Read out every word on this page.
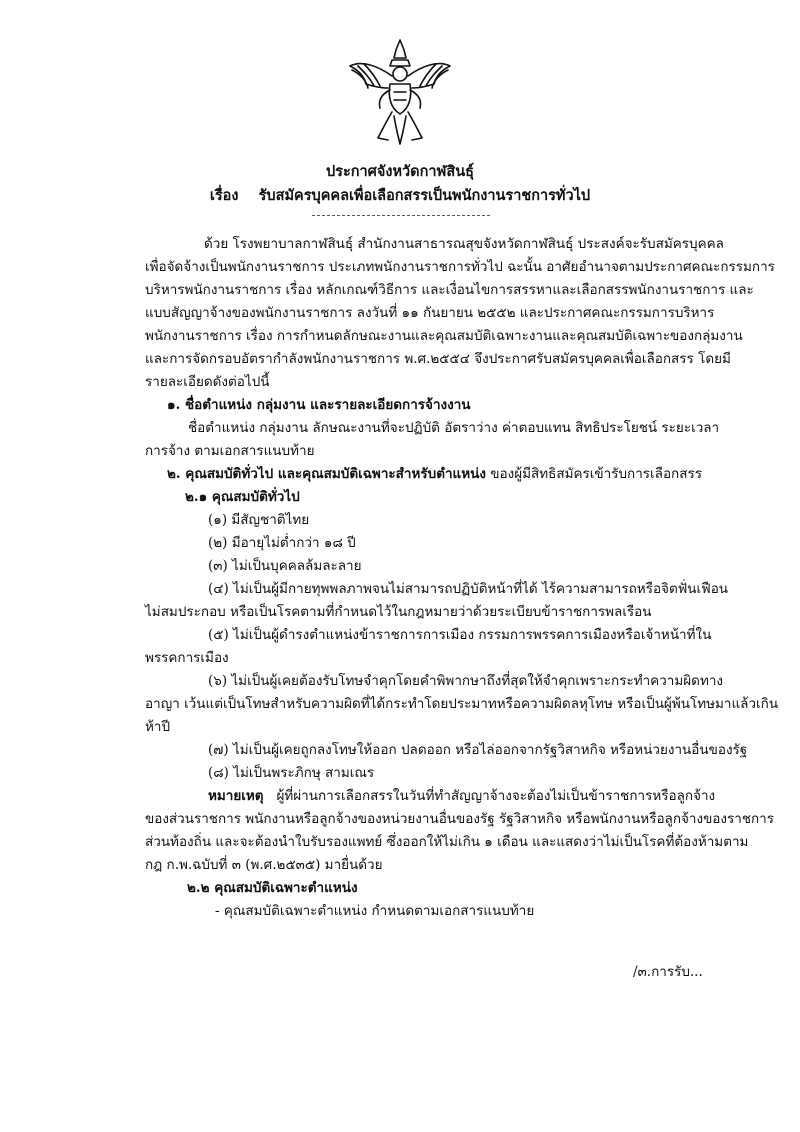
ประกาศจังหวัดกาฬสินธุ์
เรื่อง รับสมัครบุคคลเพื่อเลือกสรรเป็นพนักงานราชการทั่วไป
ด้วย โรงพยาบาลกาฬสินธุ์ สำนักงานสาธารณสุขจังหวัดกาฬสินธุ์ ประสงค์จะรับสมัครบุคคล
เพื่อจัดจ้างเป็นพนักงานราชการ ประเภทพนักงานราชการทั่วไป ฉะนั้น อาศัยอำนาจตามประกาศคณะกรรมการ
บริหารพนักงานราชการ เรื่อง หลักเกณฑ์วิธีการ และเงื่อนไขการสรรหาและเลือกสรรพนักงานราชการ และ
แบบสัญญาจ้างของพนักงานราชการ ลงวันที่ ๑๑ กันยายน ๒๕๕๒ และประกาศคณะกรรมการบริหาร
พนักงานราชการ เรื่อง การกำหนดลักษณะงานและคุณสมบัติเฉพาะงานและคุณสมบัติเฉพาะของกลุ่มงาน
และการจัดกรอบอัตรากำลังพนักงานราชการ พ.ศ.๒๕๕๔ จึงประกาศรับสมัครบุคคลเพื่อเลือกสรร โดยมี
รายละเอียดดังต่อไปนี้
๑. ชื่อตำแหน่ง กลุ่มงาน และรายละเอียดการจ้างงาน
ชื่อตำแหน่ง กลุ่มงาน ลักษณะงานที่จะปฏิบัติ อัตราว่าง ค่าตอบแทน สิทธิประโยชน์ ระยะเวลา
การจ้าง ตามเอกสารแนบท้าย
๒. คุณสมบัติทั่วไป และคุณสมบัติเฉพาะสำหรับตำแหน่ง ของผู้มีสิทธิสมัครเข้ารับการเลือกสรร
๒.๑ คุณสมบัติทั่วไป
(๑) มีสัญชาติไทย
(๒) มีอายุไม่ต่ำกว่า ๑๘ ปี
(๓) ไม่เป็นบุคคลล้มละลาย
(๔) ไม่เป็นผู้มีกายทุพพลภาพจนไม่สามารถปฏิบัติหน้าที่ได้ ไร้ความสามารถหรือจิตฟั่นเฟือน
ไม่สมประกอบ หรือเป็นโรคตามที่กำหนดไว้ในกฎหมายว่าด้วยระเบียบข้าราชการพลเรือน
(๕) ไม่เป็นผู้ดำรงตำแหน่งข้าราชการการเมือง กรรมการพรรคการเมืองหรือเจ้าหน้าที่ใน
พรรคการเมือง
(๖) ไม่เป็นผู้เคยต้องรับโทษจำคุกโดยคำพิพากษาถึงที่สุดให้จำคุกเพราะกระทำความผิดทาง
อาญา เว้นแต่เป็นโทษสำหรับความผิดที่ได้กระทำโดยประมาทหรือความผิดลหุโทษ หรือเป็นผู้พ้นโทษมาแล้วเกิน
ห้าปี
(๗) ไม่เป็นผู้เคยถูกลงโทษให้ออก ปลดออก หรือไล่ออกจากรัฐวิสาหกิจ หรือหน่วยงานอื่นของรัฐ
(๘) ไม่เป็นพระภิกษุ สามเณร
หมายเหตุ ผู้ที่ผ่านการเลือกสรรในวันที่ทำสัญญาจ้างจะต้องไม่เป็นข้าราชการหรือลูกจ้าง
ของส่วนราชการ พนักงานหรือลูกจ้างของหน่วยงานอื่นของรัฐ รัฐวิสาหกิจ หรือพนักงานหรือลูกจ้างของราชการ
ส่วนท้องถิ่น และจะต้องนำใบรับรองแพทย์ ซึ่งออกให้ไม่เกิน ๑ เดือน และแสดงว่าไม่เป็นโรคที่ต้องห้ามตาม
กฎ ก.พ.ฉบับที่ ๓ (พ.ศ.๒๕๓๕) มายื่นด้วย
๒.๒ คุณสมบัติเฉพาะตำแหน่ง
- คุณสมบัติเฉพาะตำแหน่ง กำหนดตามเอกสารแนบท้าย
/๓.การรับ...
